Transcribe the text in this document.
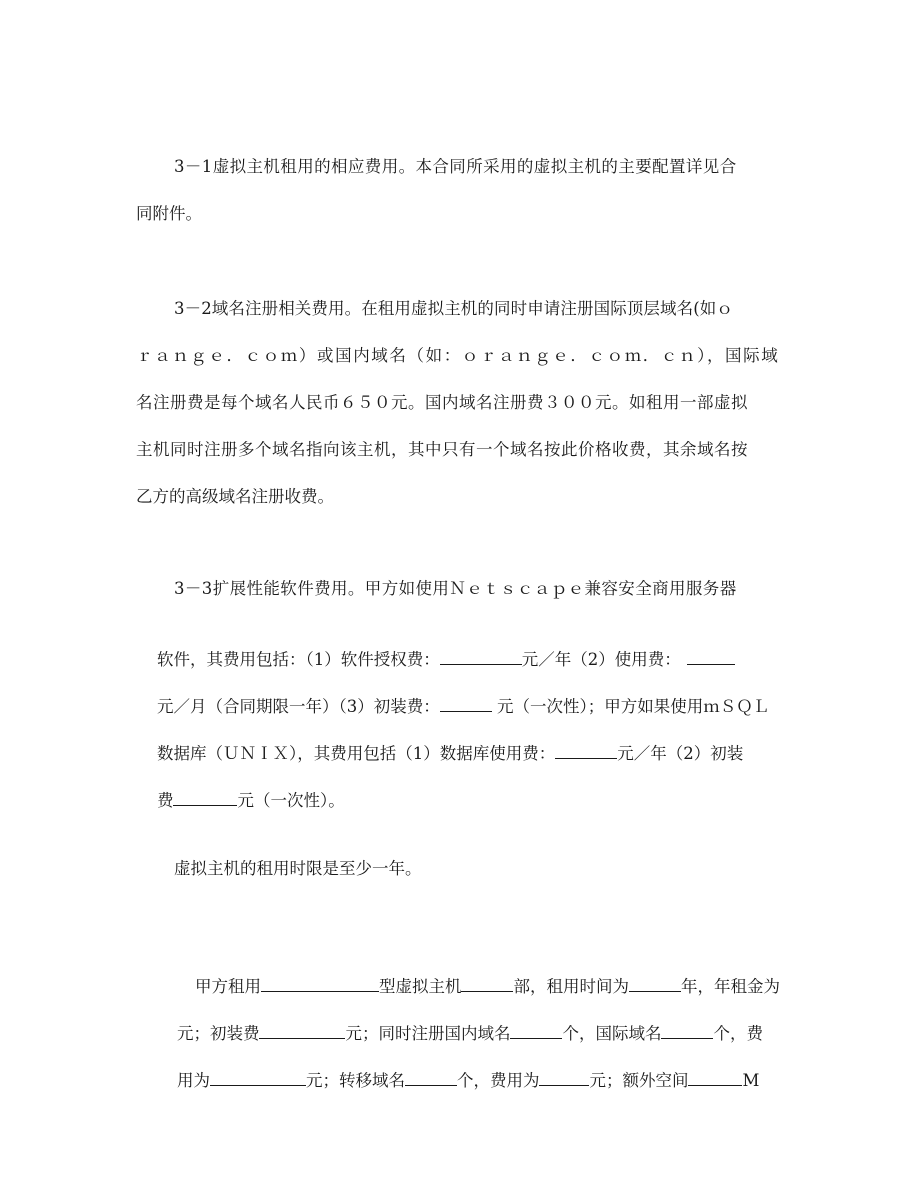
3－1虚拟主机租用的相应费用。本合同所采用的虚拟主机的主要配置详见合
同附件。
3－2域名注册相关费用。在租用虚拟主机的同时申请注册国际顶层域名(如ｏ
ｒａｎｇｅ．ｃｏｍ）或国内域名（如：ｏｒａｎｇｅ．ｃｏｍ．ｃｎ），国际域
名注册费是每个域名人民币６５０元。国内域名注册费３００元。如租用一部虚拟
主机同时注册多个域名指向该主机，其中只有一个域名按此价格收费，其余域名按
乙方的高级域名注册收费。
3－3扩展性能软件费用。甲方如使用Ｎｅｔｓｃａｐｅ兼容安全商用服务器

软件，其费用包括：（1）软件授权费：	元／年（2）使用费：

元／月（合同期限一年）（3）初装费：	元（一次性）；甲方如果使用ｍＳＱＬ

数据库（ＵＮＩＸ），其费用包括（1）数据库使用费：	元／年（2）初装

费	元（一次性）。

虚拟主机的租用时限是至少一年。

甲方租用	型虚拟主机	部，租用时间为	年，年租金为

元；初装费	元；同时注册国内域名	个，国际域名	个，费

用为	元；转移域名	个，费用为	元；额外空间	M
